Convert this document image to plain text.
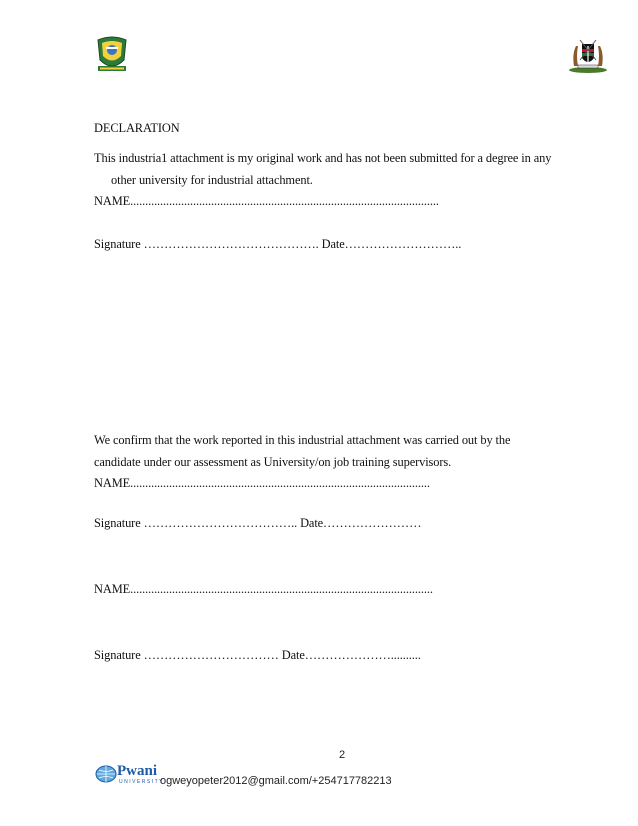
DECLARATION
This industria1 attachment is my original work and has not been submitted for a degree in any
other university for industrial attachment.
NAME.......................................................................................................
Signature ……………………………………. Date………………………..
We confirm that the work reported in this industrial attachment was carried out by the
candidate under our assessment as University/on job training supervisors.
NAME....................................................................................................
Signature ……………………………….. Date……………………
NAME.....................................................................................................
Signature …………………………… Date…………………..........
2
Pwani
UNIVERSITY
ogweyopeter2012@gmail.com/+254717782213
